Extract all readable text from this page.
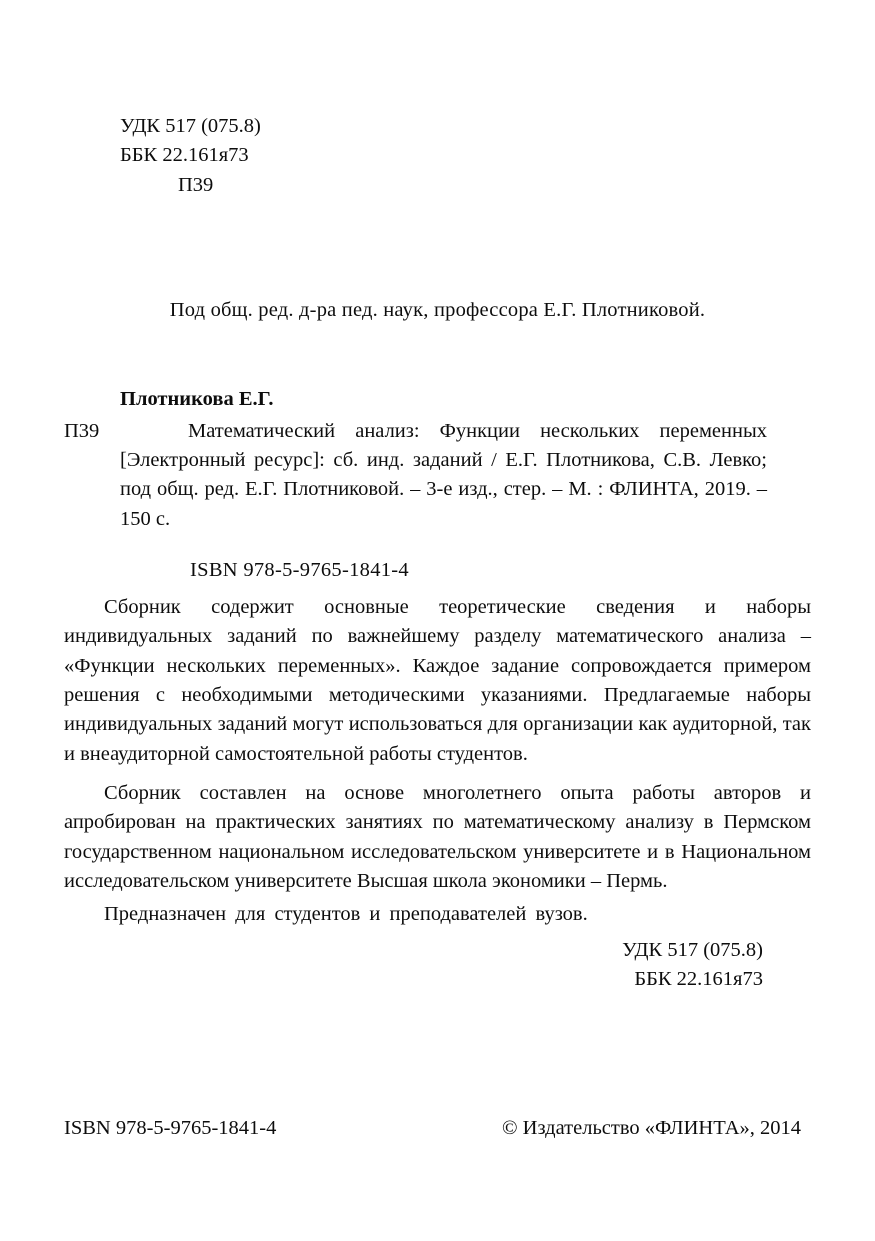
УДК 517 (075.8)
ББК 22.161я73
П39
Под общ. ред. д-ра пед. наук, профессора Е.Г. Плотниковой.
Плотникова Е.Г.
П39	Математический анализ: Функции нескольких переменных [Электронный ресурс]: сб. инд. заданий / Е.Г. Плотникова, С.В. Левко; под общ. ред. Е.Г. Плотниковой. – 3-е изд., стер. – М. : ФЛИНТА, 2019. – 150 с.

ISBN 978-5-9765-1841-4

Сборник содержит основные теоретические сведения и наборы индивидуальных заданий по важнейшему разделу математического анализа – «Функции нескольких переменных». Каждое задание сопровождается примером решения с необходимыми методическими указаниями. Предлагаемые наборы индивидуальных заданий могут использоваться для организации как аудиторной, так и внеаудиторной самостоятельной работы студентов.

Сборник составлен на основе многолетнего опыта работы авторов и апробирован на практических занятиях по математическому анализу в Пермском государственном национальном исследовательском университете и в Национальном исследовательском университете Высшая школа экономики – Пермь.

Предназначен для студентов и преподавателей вузов.

УДК 517 (075.8)
ББК 22.161я73
ISBN 978-5-9765-1841-4	© Издательство «ФЛИНТА», 2014
